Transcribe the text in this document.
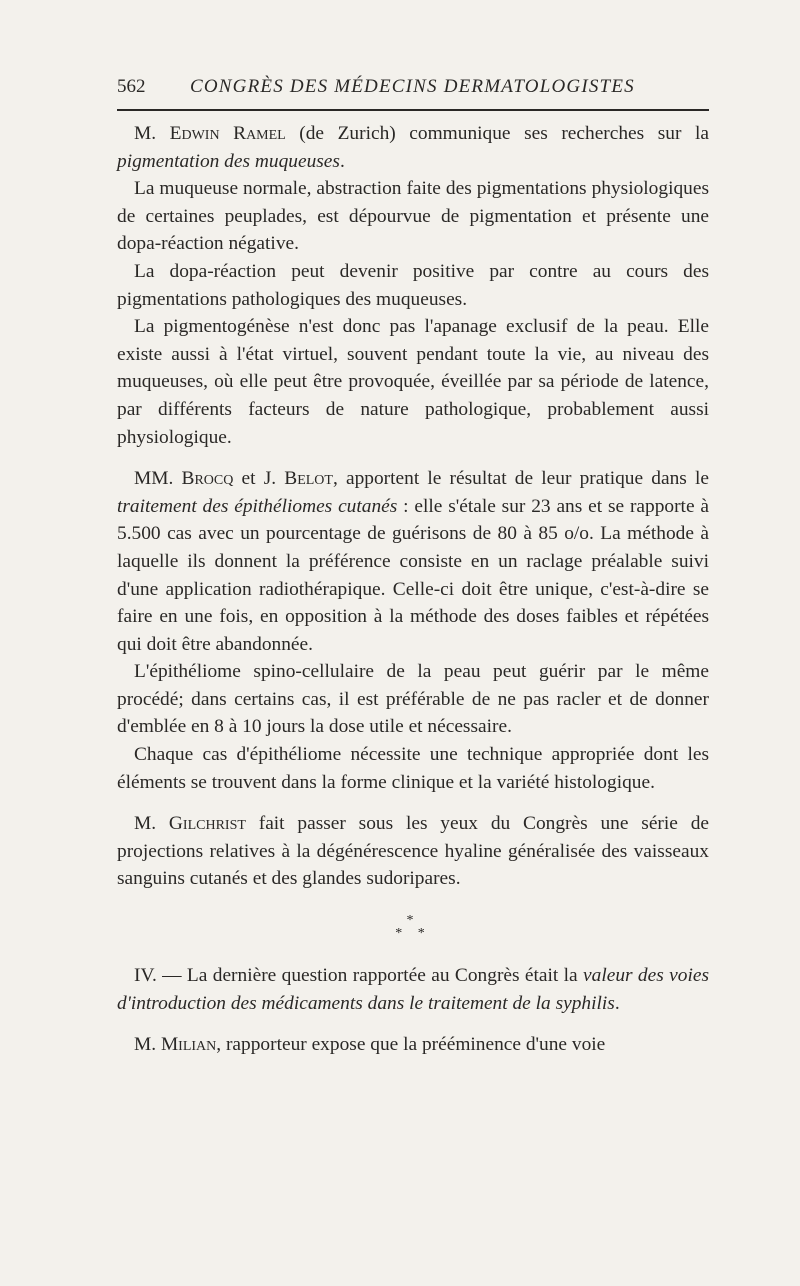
562 CONGRÈS DES MÉDECINS DERMATOLOGISTES

M. Edwin Ramel (de Zurich) communique ses recherches sur la pigmentation des muqueuses.

La muqueuse normale, abstraction faite des pigmentations physiologiques de certaines peuplades, est dépourvue de pigmentation et présente une dopa-réaction négative.

La dopa-réaction peut devenir positive par contre au cours des pigmentations pathologiques des muqueuses.

La pigmentogénèse n'est donc pas l'apanage exclusif de la peau. Elle existe aussi à l'état virtuel, souvent pendant toute la vie, au niveau des muqueuses, où elle peut être provoquée, éveillée par sa période de latence, par différents facteurs de nature pathologique, probablement aussi physiologique.

MM. Brocq et J. Belot, apportent le résultat de leur pratique dans le traitement des épithéliomes cutanés : elle s'étale sur 23 ans et se rapporte à 5.500 cas avec un pourcentage de guérisons de 80 à 85 o/o. La méthode à laquelle ils donnent la préférence consiste en un raclage préalable suivi d'une application radiothérapique. Celle-ci doit être unique, c'est-à-dire se faire en une fois, en opposition à la méthode des doses faibles et répétées qui doit être abandonnée.

L'épithéliome spino-cellulaire de la peau peut guérir par le même procédé; dans certains cas, il est préférable de ne pas racler et de donner d'emblée en 8 à 10 jours la dose utile et nécessaire.

Chaque cas d'épithéliome nécessite une technique appropriée dont les éléments se trouvent dans la forme clinique et la variété histologique.

M. Gilchrist fait passer sous les yeux du Congrès une série de projections relatives à la dégénérescence hyaline généralisée des vaisseaux sanguins cutanés et des glandes sudoripares.

*
* *

IV. — La dernière question rapportée au Congrès était la valeur des voies d'introduction des médicaments dans le traitement de la syphilis.

M. Milian, rapporteur expose que la prééminence d'une voie
